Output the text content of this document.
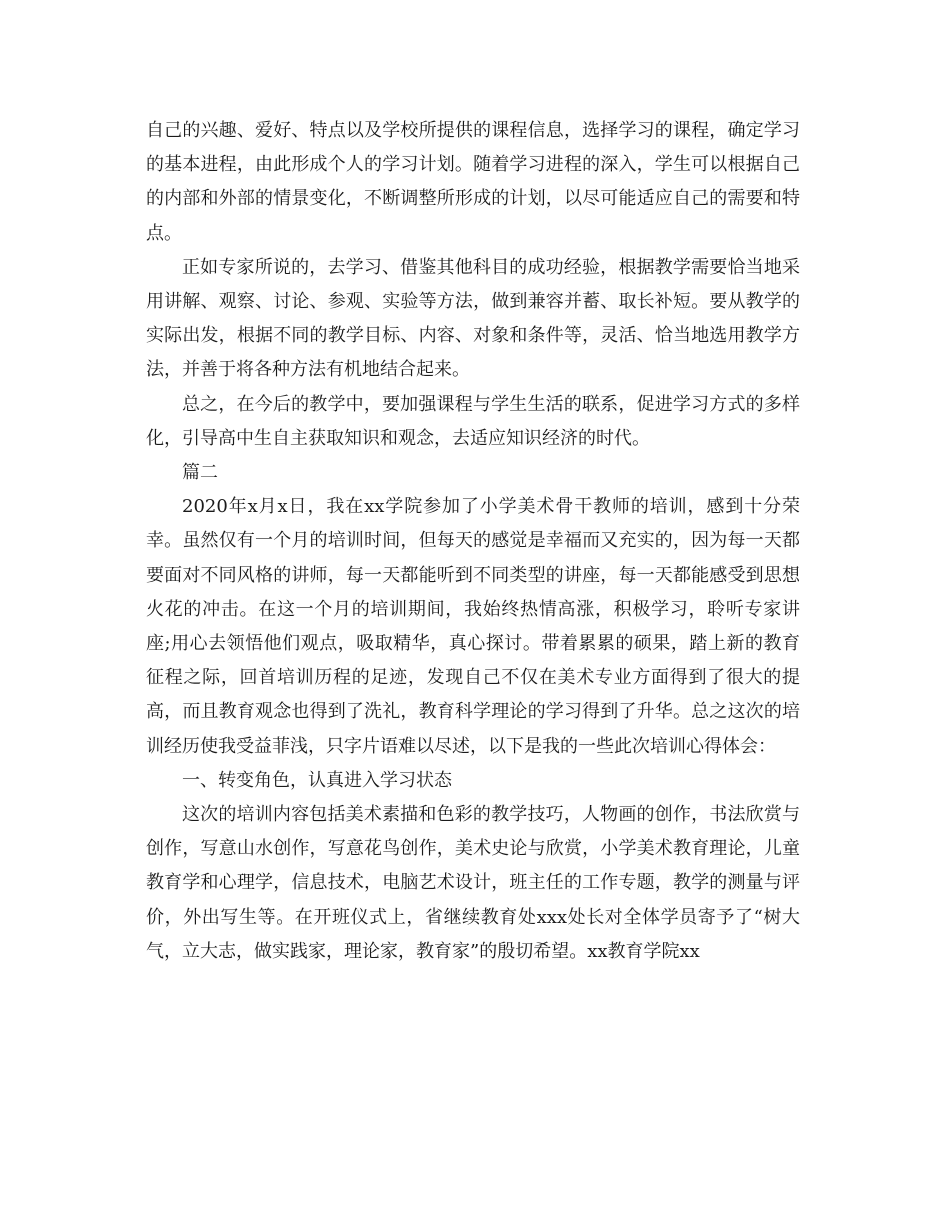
自己的兴趣、爱好、特点以及学校所提供的课程信息，选择学习的课程，确定学习的基本进程，由此形成个人的学习计划。随着学习进程的深入，学生可以根据自己的内部和外部的情景变化，不断调整所形成的计划，以尽可能适应自己的需要和特点。

正如专家所说的，去学习、借鉴其他科目的成功经验，根据教学需要恰当地采用讲解、观察、讨论、参观、实验等方法，做到兼容并蓄、取长补短。要从教学的实际出发，根据不同的教学目标、内容、对象和条件等，灵活、恰当地选用教学方法，并善于将各种方法有机地结合起来。

总之，在今后的教学中，要加强课程与学生生活的联系，促进学习方式的多样化，引导高中生自主获取知识和观念，去适应知识经济的时代。

篇二

2020年x月x日，我在xx学院参加了小学美术骨干教师的培训，感到十分荣幸。虽然仅有一个月的培训时间，但每天的感觉是幸福而又充实的，因为每一天都要面对不同风格的讲师，每一天都能听到不同类型的讲座，每一天都能感受到思想火花的冲击。在这一个月的培训期间，我始终热情高涨，积极学习，聆听专家讲座;用心去领悟他们观点，吸取精华，真心探讨。带着累累的硕果，踏上新的教育征程之际，回首培训历程的足迹，发现自己不仅在美术专业方面得到了很大的提高，而且教育观念也得到了洗礼，教育科学理论的学习得到了升华。总之这次的培训经历使我受益菲浅，只字片语难以尽述，以下是我的一些此次培训心得体会：

一、转变角色，认真进入学习状态

这次的培训内容包括美术素描和色彩的教学技巧，人物画的创作，书法欣赏与创作，写意山水创作，写意花鸟创作，美术史论与欣赏，小学美术教育理论，儿童教育学和心理学，信息技术，电脑艺术设计，班主任的工作专题，教学的测量与评价，外出写生等。在开班仪式上，省继续教育处xxx处长对全体学员寄予了“树大气，立大志，做实践家，理论家，教育家”的殷切希望。xx教育学院xx
